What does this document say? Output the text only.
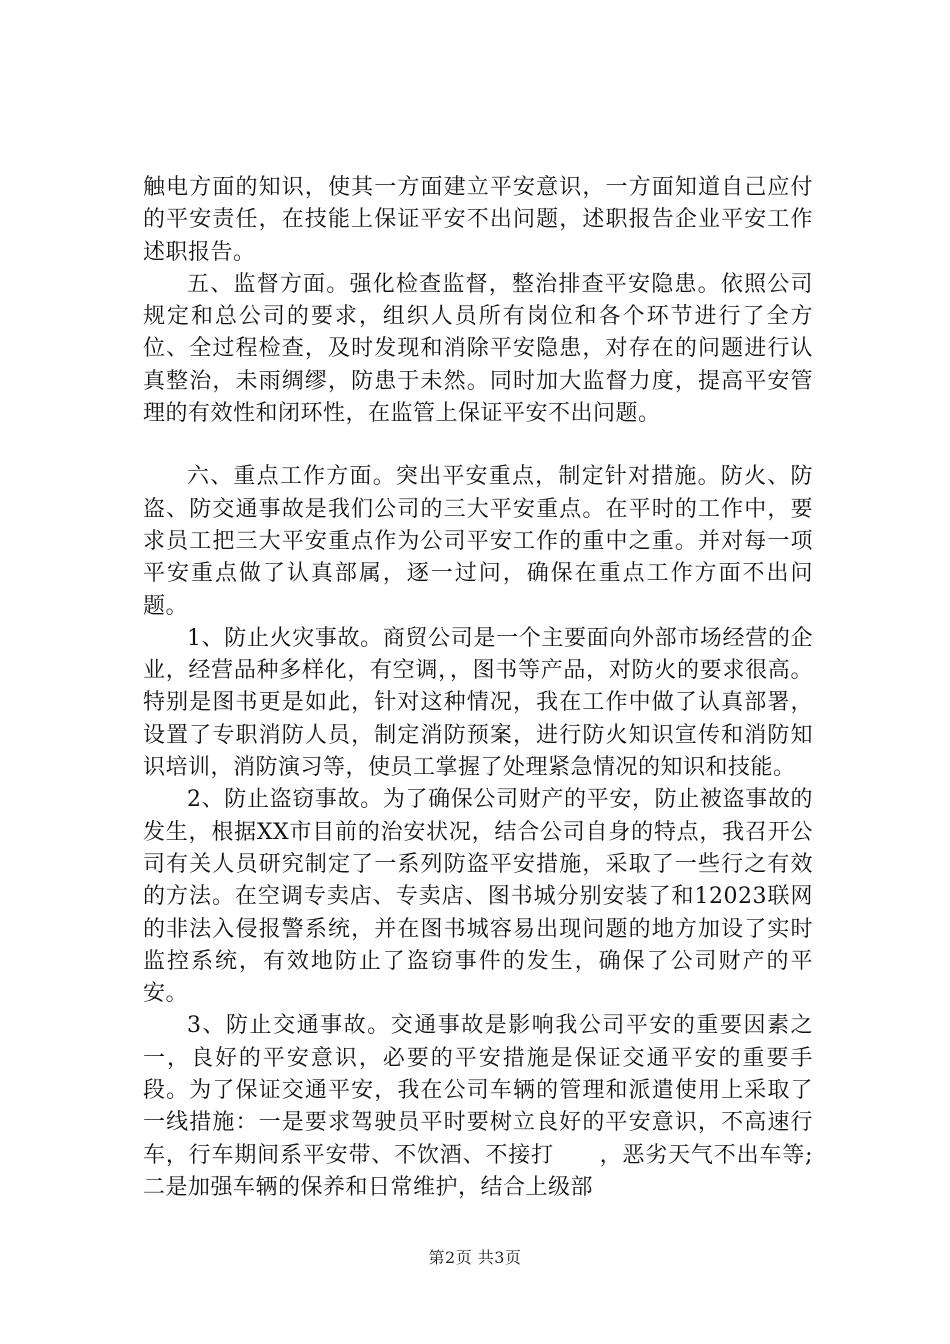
触电方面的知识，使其一方面建立平安意识，一方面知道自己应付的平安责任，在技能上保证平安不出问题，述职报告企业平安工作述职报告。

五、监督方面。强化检查监督，整治排查平安隐患。依照公司规定和总公司的要求，组织人员所有岗位和各个环节进行了全方位、全过程检查，及时发现和消除平安隐患，对存在的问题进行认真整治，未雨绸缪，防患于未然。同时加大监督力度，提高平安管理的有效性和闭环性，在监管上保证平安不出问题。

六、重点工作方面。突出平安重点，制定针对措施。防火、防盗、防交通事故是我们公司的三大平安重点。在平时的工作中，要求员工把三大平安重点作为公司平安工作的重中之重。并对每一项平安重点做了认真部属，逐一过问，确保在重点工作方面不出问题。

1、防止火灾事故。商贸公司是一个主要面向外部市场经营的企业，经营品种多样化，有空调，，图书等产品，对防火的要求很高。特别是图书更是如此，针对这种情况，我在工作中做了认真部署，设置了专职消防人员，制定消防预案，进行防火知识宣传和消防知识培训，消防演习等，使员工掌握了处理紧急情况的知识和技能。

2、防止盗窃事故。为了确保公司财产的平安，防止被盗事故的发生，根据XX市目前的治安状况，结合公司自身的特点，我召开公司有关人员研究制定了一系列防盗平安措施，采取了一些行之有效的方法。在空调专卖店、专卖店、图书城分别安装了和12023联网的非法入侵报警系统，并在图书城容易出现问题的地方加设了实时监控系统，有效地防止了盗窃事件的发生，确保了公司财产的平安。

3、防止交通事故。交通事故是影响我公司平安的重要因素之一，良好的平安意识，必要的平安措施是保证交通平安的重要手段。为了保证交通平安，我在公司车辆的管理和派遣使用上采取了一线措施：一是要求驾驶员平时要树立良好的平安意识，不高速行车，行车期间系平安带、不饮酒、不接打　　，恶劣天气不出车等;二是加强车辆的保养和日常维护，结合上级部

第2页 共3页
